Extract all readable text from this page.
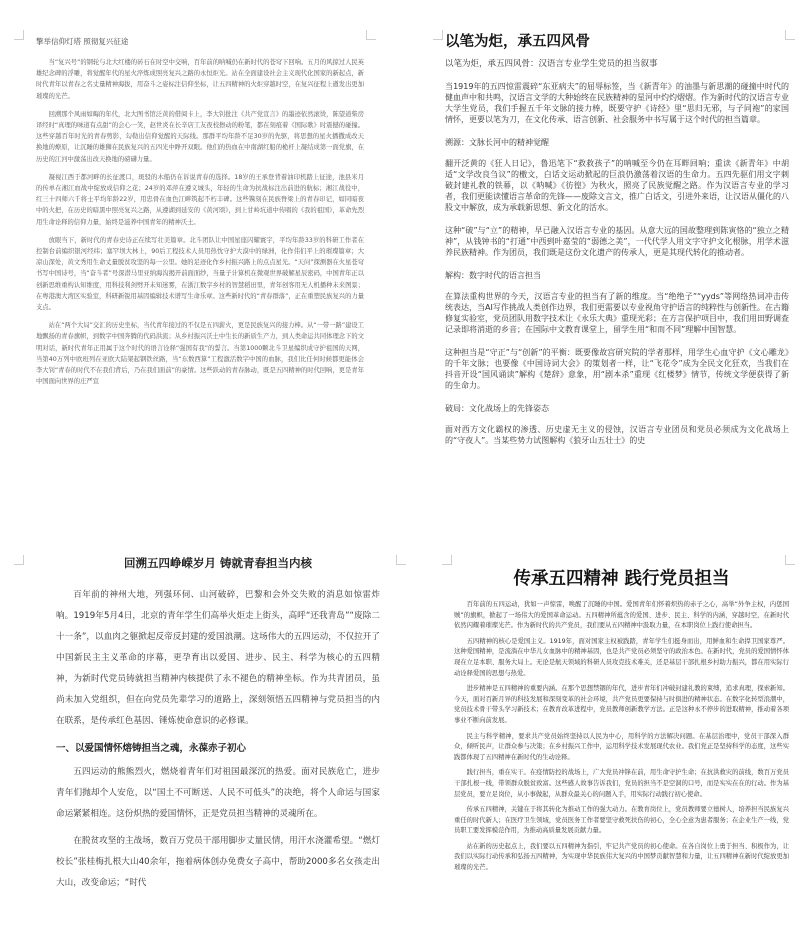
擎举信仰灯塔 照彻复兴征途

当“复兴号”的钢轮与北大红楼的砖石在时空中交响，百年前的呐喊仍在新时代的苍穹下回响。五月的风掠过人民英雄纪念碑的浮雕，将觉醒年代的星火淬炼成照亮复兴之路的永恒炬光。站在全面建设社会主义现代化国家的新起点，新时代青年以青春之名丈量精神海拔，用奋斗之姿标注信仰坐标，让五四精神的火炬穿越时空，在复兴征程上遒发出更加璀璨的光芒。

回溯那个风雨如晦的年代，北大图书馆泛黄的借阅卡上，李大钊批注《共产党宣言》的墨迹依然滚烫，陈望道柴房译经时“真理的味道有点甜”的会心一笑，赵世炎在长辛店工友夜校擦动的粉笔，都在刻痕着《国际歌》时震撼的碰撞。这些穿越百年时光的青春剪影，勾勒出信仰觉醒的天际线。那群平均年龄不足30岁的先驱，将思想的星火播撒成改天换地的燎原，让沉睡的雄狮在民族复兴的五四光中睁开双眼。他们的热血在中南湖红船的桅杆上凝结成第一面党旗，在历史的江河中激荡出改天换地的磅礴力量。

凝视江西于都河畔的长征渡口，斑驳的木船仍在诉说青春的选择。18岁的王承登背着油印机踏上征途，池县米月的传单在湘江血战中绽放成信仰之花；24岁的邓萍在遵义城头，年轻的生命为抗战标注出前进的航标；湘江战役中，红三十四师六千将士平均年龄22岁，用忠骨在血色江畔筑起不朽丰碑。这些镌刻在民族脊梁上的青春印记，如同暗夜中的火把，在历史的暗黑中照亮复兴之路，从遵湖到延安的《黄河颂》，到上甘岭坑道中传唱的《我的祖国》，革命先烈用生命诠释的信仰力量，始终是滋养中国青年的精神沃土。

放眼当下，新时代的青春史诗正在续写壮美篇章。北斗团队让中国星座闪耀寰宇，平均年龄33岁的科研工作者在控制台前编织银河经纬；塞罕坝大林上，90后工程技术人员用热忱守护大漠中的绿洲，化作伟们平上的璀璨篇章；大凉山深处，黄文秀用生命丈量脱贫攻坚的每一公里。她的足迹化作乡村振兴路上的点点星光。“天问”探测器在火星苍穹书写中国诗号，当“奋斗者”号深潜马里亚纳海沟揭开前面面纱，当量子计算机在微观世界破解星辰密码，中国青年正以创新思维重构认知维度，用科技利剑劈开未知迷雾，在浙江数字乡村的智慧稻田里，青年创客用无人机播种未来图景；在粤港澳大湾区实验室，科研新锐用基因编辑技术谱写生命乐章。这些新时代的“青春群落”，正在重塑民族复兴的力量支点。

站在“两个大局”交汇的历史坐标，当代青年接过的不仅是五四薪火，更是民族复兴的接力棒。从“一带一路”建设工地飘扬的青春旗帜，到数字中国奔腾的代码洪流；从乡村振兴沃土中生长的新质生产力，到人类命运共同体理念下的文明对话，新时代青年正用属于这个时代的语言诠释“强国有我”的誓言。当第1000颗北斗卫星编织成守护祖国的天网，当第40万列中欧班列在亚欧大陆架起钢铁丝路，当“东数西算”工程激活数字中国的血脉，我们比任何时候都更能体会李大钊“青春的时代不在我们背后，乃在我们面前”的豪情。这些跃动的青春脉动，既是五四精神的时代回响，更是青年中国面向世界的庄严宣

以笔为炬，承五四风骨
以笔为炬，承五四风骨：汉语言专业学生党员的担当叙事

当1919年的五四惊雷震碎“东亚病夫”的屈辱标签，当《新青年》的油墨与新思潮的碰撞中时代的健血声中和共鸣，汉语言文学的大种始终在民族精神的星河中灼灼熠熠。作为新时代的汉语言专业大学生党员，我们手握五千年文脉的接力棒，既要守护《诗经》里“思归无邪，与子同袍”的家国情怀，更要以笔为刀，在文化传承、语言创新、社会服务中书写属于这个时代的担当篇章。

溯源：文脉长河中的精神觉醒

翻开泛黄的《狂人日记》，鲁迅笔下“救救孩子”的呐喊至今仍在耳畔回响；重读《新青年》中胡适“文学改良刍议”的檄文，白话文运动掀起的巨浪仍激荡着汉语的生命力。五四先驱们用文字刺破封建礼教的铁幕，以《呐喊》《彷徨》为秋火，照亮了民族觉醒之路。作为汉语言专业的学习者，我们更能读懂语言革命的先锋——废除文言文，推广白话文，引进外来语，让汉语从僵化的八股文中解放，成为承载新思想、新文化的活水。

这种“破”与“立”的精神，早已融入汉语言专业的基因。从意大远的国故整理到陈寅恪的“独立之精神”，从钱钟书的“打通”中西到叶嘉莹的“弱德之美”，一代代学人用文字守护文化根脉，用学术滋养民族精神。作为团员，我们既是这份文化遗产的传承人，更是其现代转化的推动者。

解构：数字时代的语言担当

在算法重构世界的今天，汉语言专业的担当有了新的维度。当“绝绝子”“yyds”等网络热词冲击传统表达，当AI写作挑战人类创作边界，我们更需要以专业视角守护语言的纯粹性与创新性。在古籍修复实验室，党员团队用数字技术让《永乐大典》重现光彩；在方言保护项目中，我们用田野调查记录即将消逝的乡音；在国际中文教育课堂上，留学生用“和而不同”理解中国智慧。

这种担当是“守正”与“创新”的平衡：既要像故宫研究院的学者那样，用学生心血守护《文心雕龙》的千年文脉；也要像《中国诗词大会》的策划者一样，让“飞花令”成为全民文化狂欢，当我们在抖音开设“国风诵读”解构《楚辞》意象，用“剧本杀”重现《红楼梦》情节，传统文学便获得了新的生命力。

破局：文化战场上的先锋姿态

面对西方文化霸权的渗透、历史虚无主义的侵蚀，汉语言专业团员和党员必须成为文化战场上的“守夜人”。当某些势力试图解构《狼牙山五壮士》的史

回溯五四峥嵘岁月 铸就青春担当内核

百年前的神州大地，列强环伺、山河破碎，巴黎和会外交失败的消息如惊雷炸响。1919年5月4日，北京的青年学生们高举火炬走上街头，高呼“还我青岛”“废除二十一条”，以血肉之躯掀起反帝反封建的爱国浪潮。这场伟大的五四运动，不仅拉开了中国新民主主义革命的序幕，更孕育出以爱国、进步、民主、科学为核心的五四精神，为新时代党员铸就担当精神内核提供了永不褪色的精神坐标。作为共青团员，虽尚未加入党组织，但在向党员先辈学习的道路上，深刻领悟五四精神与党员担当的内在联系，是传承红色基因、锤炼使命意识的必修课。

一、以爱国情怀熔铸担当之魂，永葆赤子初心

五四运动的熊熊烈火，燃烧着青年们对祖国最深沉的热爱。面对民族危亡，进步青年们抛却个人安危，以“国土不可断送、人民不可低头”的决绝，将个人命运与国家命运紧紧相连。这份炽热的爱国情怀，正是党员担当精神的灵魂所在。

在脱贫攻坚的主战场，数百万党员干部用脚步丈量民情，用汗水浇灌希望。“燃灯校长”张桂梅扎根大山40余年，拖着病体创办免费女子高中，帮助2000多名女孩走出大山，改变命运；“时代

传承五四精神 践行党员担当

百年前的五四运动，犹如一声惊雷，唤醒了沉睡的中国。爱国青年们怀着炽热的赤子之心，高举“外争主权，内惩国贼”的旗帜，掀起了一场伟大的爱国革命运动。五四精神所蕴含的爱国、进步、民主、科学的内涵，穿越时空，在新时代依然闪耀着璀璨光芒。作为新时代的共产党员，我们要从五四精神中汲取力量，在本职岗位上践行使命担当。

五四精神的核心是爱国主义。1919年，面对国家主权被践踏，青年学生们挺身而出，用鲜血和生命捍卫国家尊严。这种爱国精神，是流淌在中华儿女血脉中的精神基因，也是共产党员必须坚守的政治本色。在新时代，党员的爱国情怀体现在立足本职、服务大局上。无论是航天领域的科研人员攻克技术难关，还是基层干部扎根乡村助力振兴，都在用实际行动诠释爱国的思想与热爱。

进步精神是五四精神的重要内涵。在那个思想禁锢的年代，进步青年们冲破封建礼教的束缚，追求真理，探索新知。今天，面对百新月异的科技发展和深刻变革的社会环境，共产党员更要保持与时俱进的精神状态。在数字化转型浪潮中，党员技术骨干带头学习新技术；在教育改革进程中，党员教师创新教学方法。正是这种永不停步的进取精神，推动着各项事业不断向前发展。

民主与科学精神，要求共产党员始终坚持以人民为中心，用科学的方法解决问题。在基层治理中，党员干部深入群众，倾听民声，让群众参与决策；在乡村振兴工作中，运用科学技术发展现代农业。我们党正是坚持科学的态度，这些实践都体现了五四精神在新时代的生动诠释。

践行担当，重在实干。在疫情防控的战场上，广大党员冲锋在前，用生命守护生命；在抗洪救灾的前线，数百万党员干部扎根一线，带领群众脱贫致富。这些感人故事告诉我们，党员的担当不是空洞的口号，而是实实在在的行动。作为基层党员，要立足岗位，从小事做起，从群众最关心的问题入手，用实际行动践行初心使命。

传承五四精神，关键在于将其转化为推动工作的强大动力。在教育岗位上，党员教师要立德树人，培养担当民族复兴重任的时代新人；在医疗卫生领域，党员医务工作者要坚守救死扶伤的初心，全心全意为患者服务；在企业生产一线，党员职工要发挥模范作用，为推动高质量发展贡献力量。

站在新的历史起点上，我们要以五四精神为指引，牢记共产党员的初心使命。在各自岗位上勇于担当、积极作为，让我们以实际行动传承和弘扬五四精神，为实现中华民族伟大复兴的中国梦贡献智慧和力量，让五四精神在新时代绽放更加璀璨的光芒。
